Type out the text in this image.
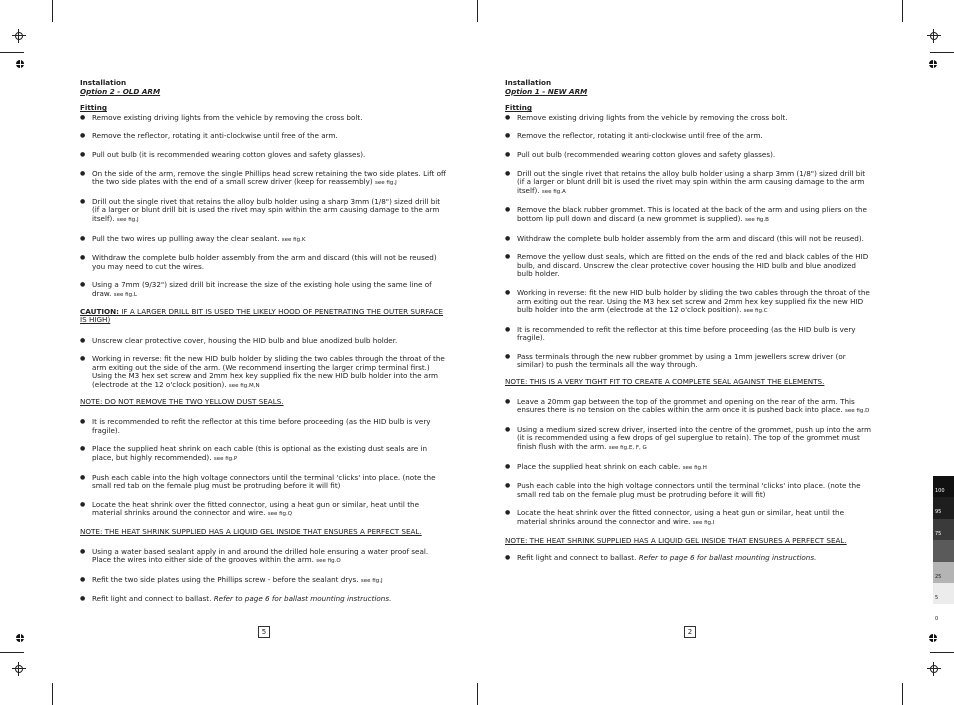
Installation

Option 2 - OLD ARM

Fitting

● Remove existing driving lights from the vehicle by removing the cross bolt.
● Remove the reflector, rotating it anti-clockwise until free of the arm.
● Pull out bulb (it is recommended wearing cotton gloves and safety glasses).
● On the side of the arm, remove the single Phillips head screw retaining the two side plates. Lift off the two side plates with the end of a small screw driver (keep for reassembly) see fig.J
● Drill out the single rivet that retains the alloy bulb holder using a sharp 3mm (1/8") sized drill bit (if a larger or blunt drill bit is used the rivet may spin within the arm causing damage to the arm itself). see fig.J
● Pull the two wires up pulling away the clear sealant. see fig.K
● Withdraw the complete bulb holder assembly from the arm and discard (this will not be reused) you may need to cut the wires.
● Using a 7mm (9/32") sized drill bit increase the size of the existing hole using the same line of draw. see fig.L

CAUTION: IF A LARGER DRILL BIT IS USED THE LIKELY HOOD OF PENETRATING THE OUTER SURFACE IS HIGH)

● Unscrew clear protective cover, housing the HID bulb and blue anodized bulb holder.
● Working in reverse: fit the new HID bulb holder by sliding the two cables through the throat of the arm exiting out the side of the arm. (We recommend inserting the larger crimp terminal first.) Using the M3 hex set screw and 2mm hex key supplied fix the new HID bulb holder into the arm (electrode at the 12 o'clock position). see fig.M,N

NOTE: DO NOT REMOVE THE TWO YELLOW DUST SEALS.

● It is recommended to refit the reflector at this time before proceeding (as the HID bulb is very fragile).
● Place the supplied heat shrink on each cable (this is optional as the existing dust seals are in place, but highly recommended). see fig.P
● Push each cable into the high voltage connectors until the terminal 'clicks' into place. (note the small red tab on the female plug must be protruding before it will fit)
● Locate the heat shrink over the fitted connector, using a heat gun or similar, heat until the material shrinks around the connector and wire. see fig.Q

NOTE: THE HEAT SHRINK SUPPLIED HAS A LIQUID GEL INSIDE THAT ENSURES A PERFECT SEAL.

● Using a water based sealant apply in and around the drilled hole ensuring a water proof seal. Place the wires into either side of the grooves within the arm. see fig.O
● Refit the two side plates using the Phillips screw - before the sealant drys. see fig.J
● Refit light and connect to ballast. Refer to page 6 for ballast mounting instructions.
5

Installation

Option 1 - NEW ARM

Fitting

● Remove existing driving lights from the vehicle by removing the cross bolt.
● Remove the reflector, rotating it anti-clockwise until free of the arm.
● Pull out bulb (recommended wearing cotton gloves and safety glasses).
● Drill out the single rivet that retains the alloy bulb holder using a sharp 3mm (1/8") sized drill bit (if a larger or blunt drill bit is used the rivet may spin within the arm causing damage to the arm itself). see fig.A
● Remove the black rubber grommet. This is located at the back of the arm and using pliers on the bottom lip pull down and discard (a new grommet is supplied). see fig.B
● Withdraw the complete bulb holder assembly from the arm and discard (this will not be reused).
● Remove the yellow dust seals, which are fitted on the ends of the red and black cables of the HID bulb, and discard. Unscrew the clear protective cover housing the HID bulb and blue anodized bulb holder.
● Working in reverse: fit the new HID bulb holder by sliding the two cables through the throat of the arm exiting out the rear. Using the M3 hex set screw and 2mm hex key supplied fix the new HID bulb holder into the arm (electrode at the 12 o'clock position). see fig.C
● It is recommended to refit the reflector at this time before proceeding (as the HID bulb is very fragile).
● Pass terminals through the new rubber grommet by using a 1mm jewellers screw driver (or similar) to push the terminals all the way through.

NOTE: THIS IS A VERY TIGHT FIT TO CREATE A COMPLETE SEAL AGAINST THE ELEMENTS.

● Leave a 20mm gap between the top of the grommet and opening on the rear of the arm. This ensures there is no tension on the cables within the arm once it is pushed back into place. see fig.D
● Using a medium sized screw driver, inserted into the centre of the grommet, push up into the arm (it is recommended using a few drops of gel superglue to retain). The top of the grommet must finish flush with the arm. see fig.E, F, G
● Place the supplied heat shrink on each cable. see fig.H
● Push each cable into the high voltage connectors until the terminal 'clicks' into place. (note the small red tab on the female plug must be protruding before it will fit)
● Locate the heat shrink over the fitted connector, using a heat gun or similar, heat until the material shrinks around the connector and wire. see fig.I

NOTE: THE HEAT SHRINK SUPPLIED HAS A LIQUID GEL INSIDE THAT ENSURES A PERFECT SEAL.

● Refit light and connect to ballast. Refer to page 6 for ballast mounting instructions.
2
100
95
75
25
5
0
